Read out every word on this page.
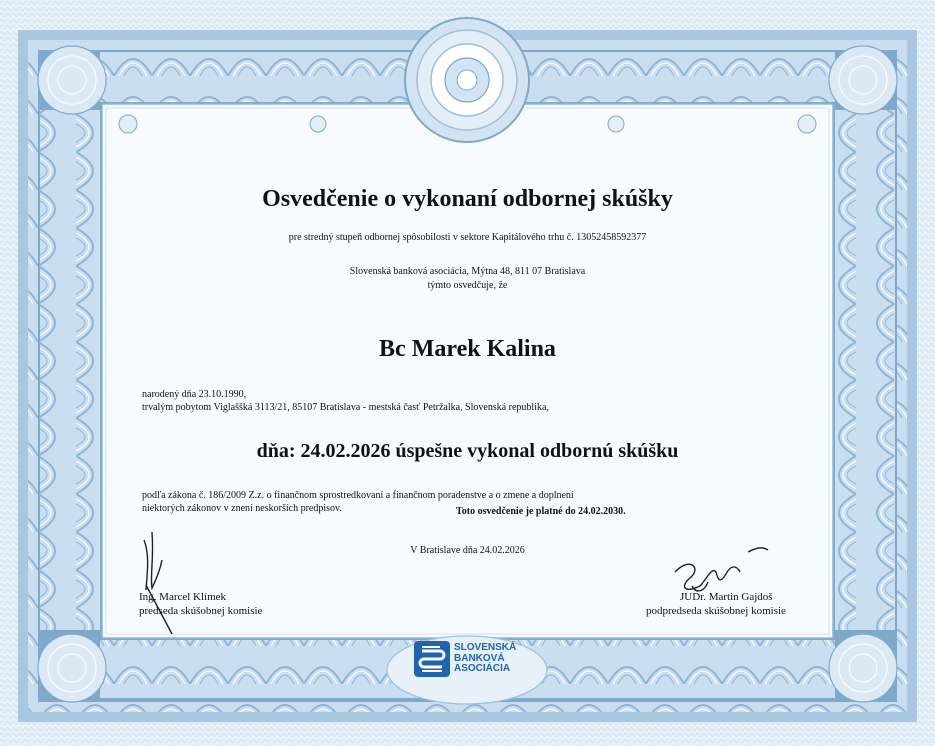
Osvedčenie o vykonaní odbornej skúšky

pre stredný stupeň odbornej spôsobilosti v sektore Kapitálového trhu č. 13052458592377

Slovenská banková asociácia, Mýtna 48, 811 07 Bratislava

týmto osvedčuje, že

Bc Marek Kalina

narodený dňa 23.10.1990,

trvalým pobytom Viglaššká 3113/21, 85107 Bratislava - mestská časť Petržalka, Slovenská republika,

dňa: 24.02.2026 úspešne vykonal odbornú skúšku

podľa zákona č. 186/2009 Z.z. o finančnom sprostredkovaní a finančnom poradenstve a o zmene a doplnení

niektorých zákonov v znení neskorších predpisov.	Toto osvedčenie je platné do 24.02.2030.

V Bratislave dňa 24.02.2026

Ing. Marcel Klímek

predseda skúšobnej komisie

JUDr. Martin Gajdoš

podpredseda skúšobnej komisie

SLOVENSKÁ
BANKOVÁ
ASOCIÁCIA
